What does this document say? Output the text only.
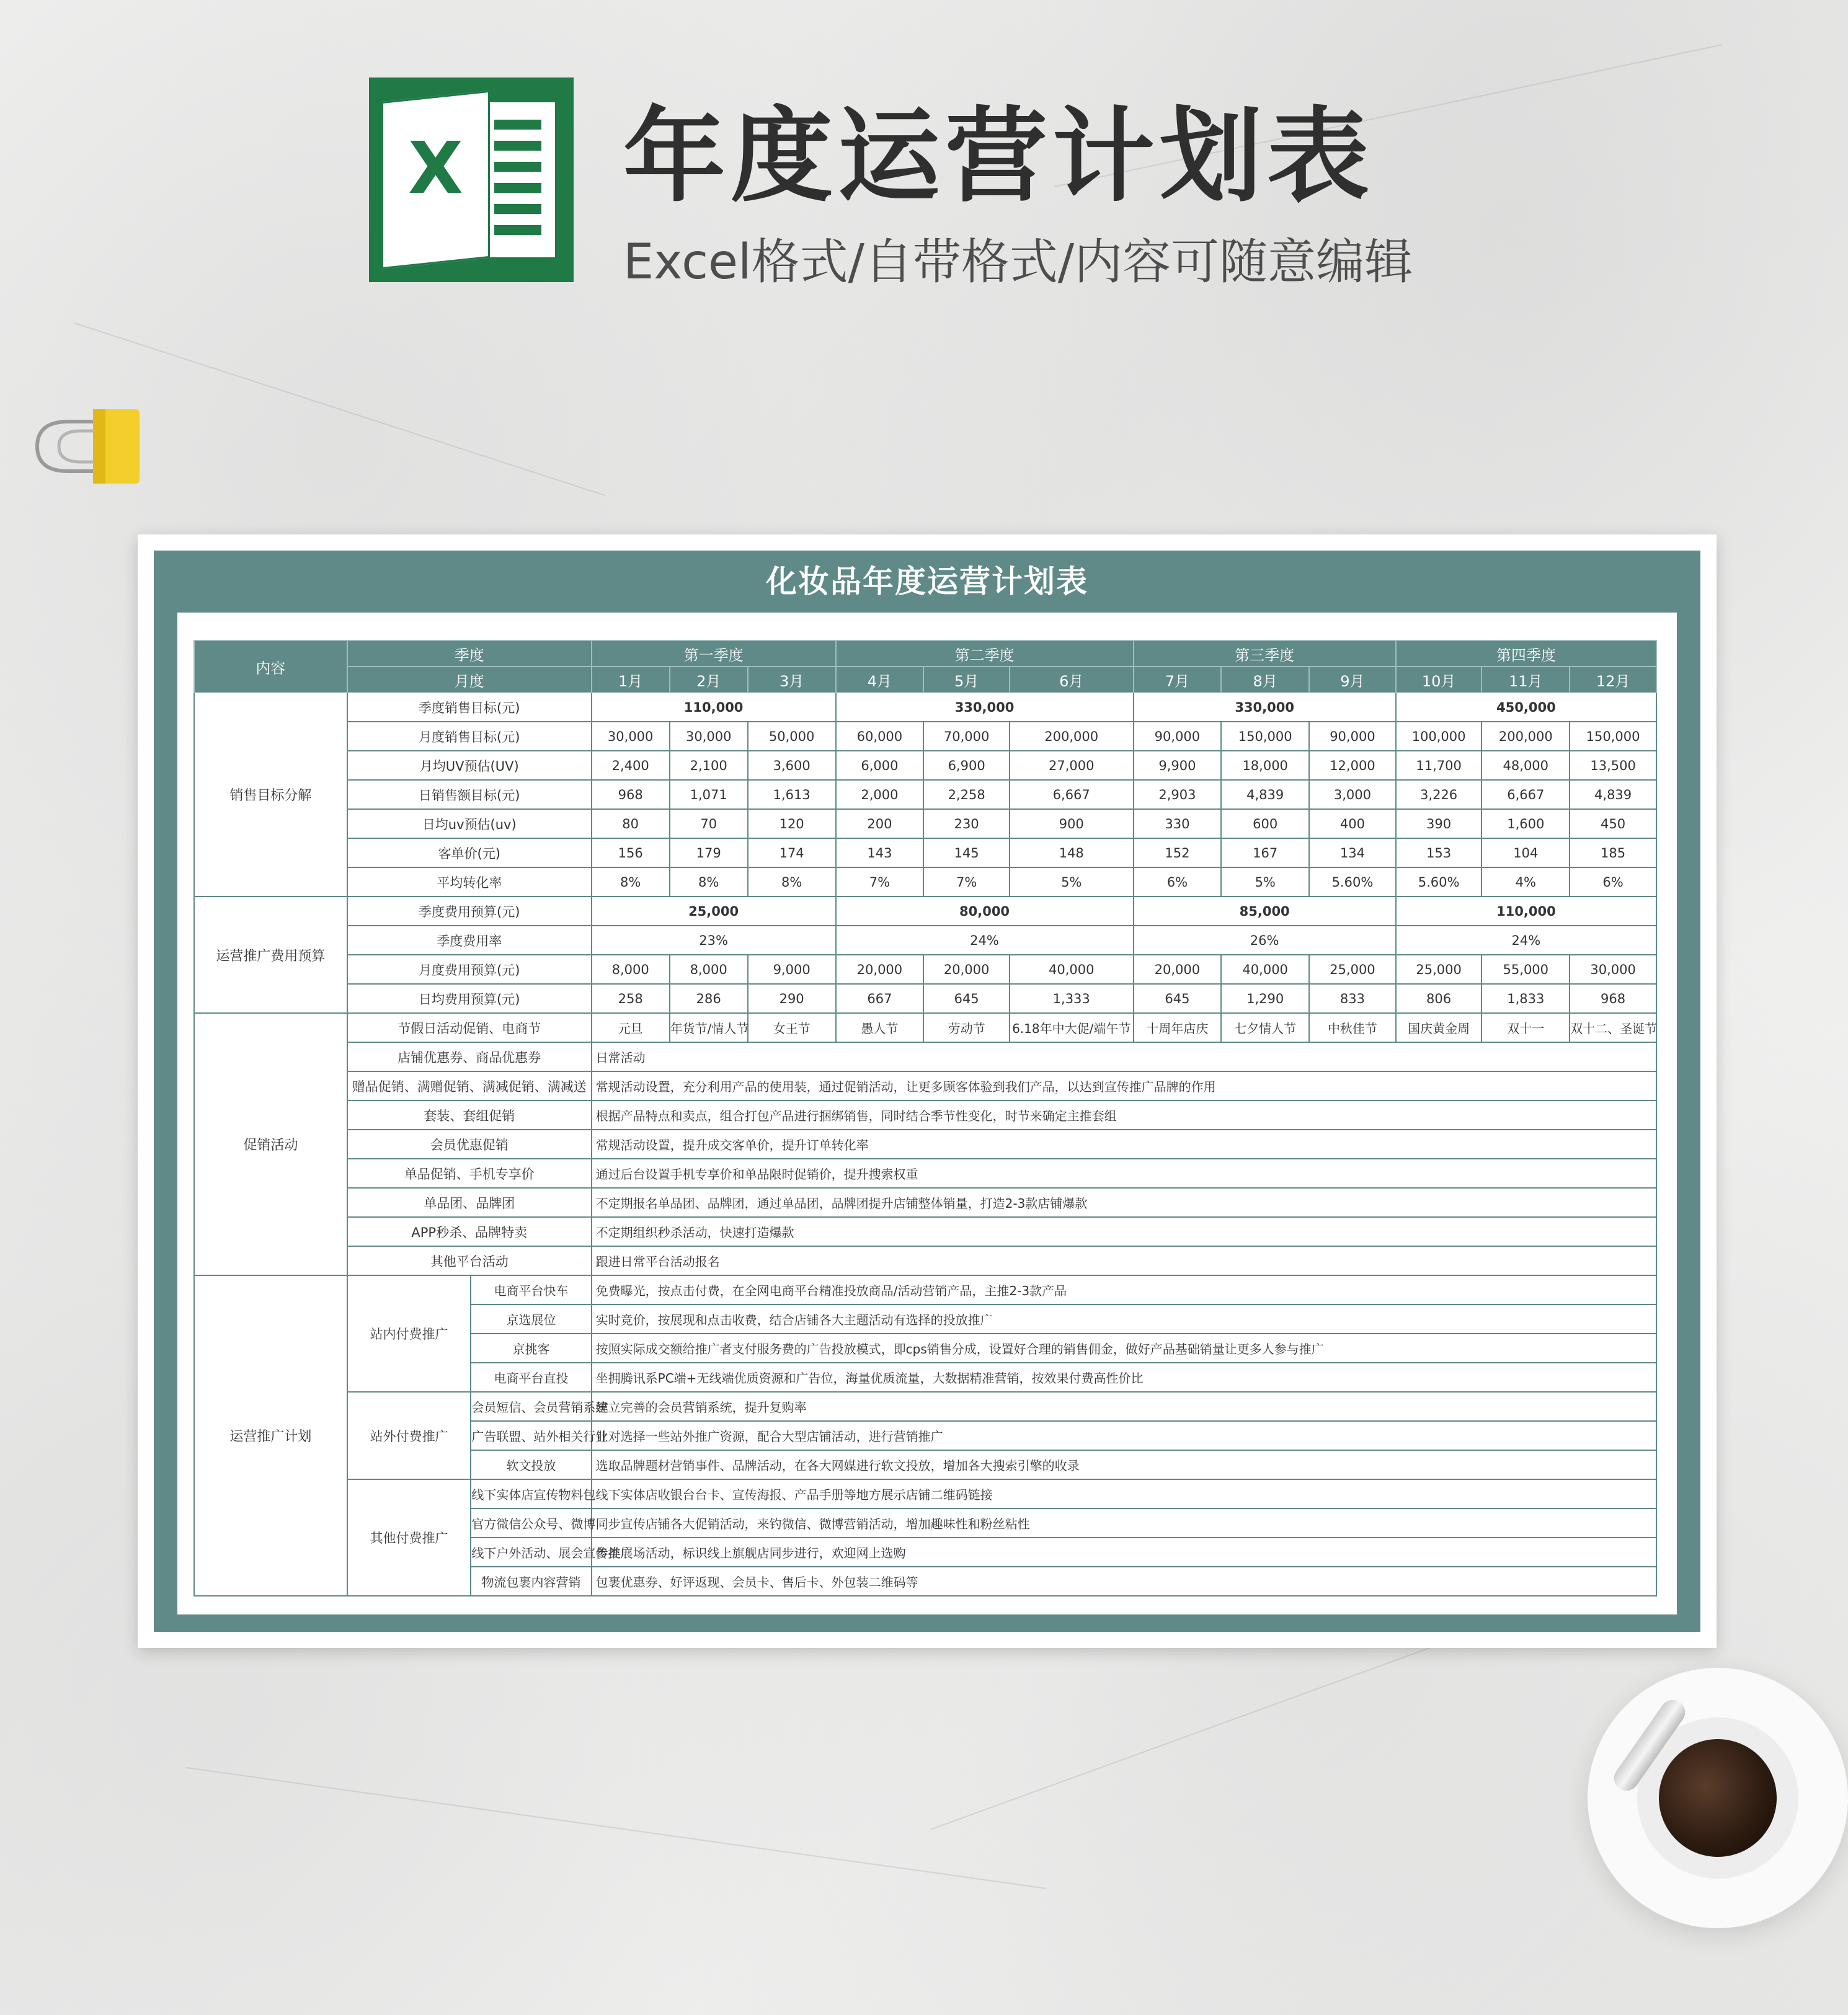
X 年度运营计划表
Excel格式/自带格式/内容可随意编辑
化妆品年度运营计划表
内容	季度		第一季度			第二季度			第三季度			第四季度		
	月度		1月	2月	3月	4月	5月	6月	7月	8月	9月	10月	11月	12月
销售目标分解	季度销售目标(元)		110,000			330,000			330,000			450,000		
	月度销售目标(元)		30,000	30,000	50,000	60,000	70,000	200,000	90,000	150,000	90,000	100,000	200,000	150,000
	月均UV预估(UV)		2,400	2,100	3,600	6,000	6,900	27,000	9,900	18,000	12,000	11,700	48,000	13,500
	日销售额目标(元)		968	1,071	1,613	2,000	2,258	6,667	2,903	4,839	3,000	3,226	6,667	4,839
	日均uv预估(uv)		80	70	120	200	230	900	330	600	400	390	1,600	450
	客单价(元)		156	179	174	143	145	148	152	167	134	153	104	185
	平均转化率		8%	8%	8%	7%	7%	5%	6%	5%	5.60%	5.60%	4%	6%
运营推广费用预算	季度费用预算(元)		25,000			80,000			85,000			110,000		
	季度费用率		23%			24%			26%			24%		
	月度费用预算(元)		8,000	8,000	9,000	20,000	20,000	40,000	20,000	40,000	25,000	25,000	55,000	30,000
	日均费用预算(元)		258	286	290	667	645	1,333	645	1,290	833	806	1,833	968
促销活动	节假日活动促销、电商节		元旦	年货节/情人节	女王节	愚人节	劳动节	6.18年中大促/端午节	十周年店庆	七夕情人节	中秋佳节	国庆黄金周	双十一	双十二、圣诞节
	店铺优惠券、商品优惠券		日常活动											
	赠品促销、满赠促销、满减促销、满减送		常规活动设置，充分利用产品的使用装，通过促销活动，让更多顾客体验到我们产品，以达到宣传推广品牌的作用											
	套装、套组促销		根据产品特点和卖点，组合打包产品进行捆绑销售，同时结合季节性变化，时节来确定主推套组											
	会员优惠促销		常规活动设置，提升成交客单价，提升订单转化率											
	单品促销、手机专享价		通过后台设置手机专享价和单品限时促销价，提升搜索权重											
	单品团、品牌团		不定期报名单品团、品牌团，通过单品团，品牌团提升店铺整体销量，打造2-3款店铺爆款											
	APP秒杀、品牌特卖		不定期组织秒杀活动，快速打造爆款											
	其他平台活动		跟进日常平台活动报名											
运营推广计划	站内付费推广	电商平台快车	免费曝光，按点击付费，在全网电商平台精准投放商品/活动营销产品，主推2-3款产品											
		京选展位	实时竞价，按展现和点击收费，结合店铺各大主题活动有选择的投放推广											
		京挑客	按照实际成交额给推广者支付服务费的广告投放模式，即cps销售分成，设置好合理的销售佣金，做好产品基础销量让更多人参与推广											
		电商平台直投	坐拥腾讯系PC端+无线端优质资源和广告位，海量优质流量，大数据精准营销，按效果付费高性价比											
	站外付费推广	会员短信、会员营销系统	建立完善的会员营销系统，提升复购率											
		广告联盟、站外相关行业	针对选择一些站外推广资源，配合大型店铺活动，进行营销推广											
		软文投放	选取品牌题材营销事件、品牌活动，在各大网媒进行软文投放，增加各大搜索引擎的收录											
	其他付费推广	线下实体店宣传物料包	线下实体店收银台台卡、宣传海报、产品手册等地方展示店铺二维码链接											
		官方微信公众号、微博	同步宣传店铺各大促销活动，来钓微信、微博营销活动，增加趣味性和粉丝粘性											
		线下户外活动、展会宣传推广	参类展场活动，标识线上旗舰店同步进行，欢迎网上选购											
		物流包裹内容营销	包裹优惠券、好评返现、会员卡、售后卡、外包装二维码等											
